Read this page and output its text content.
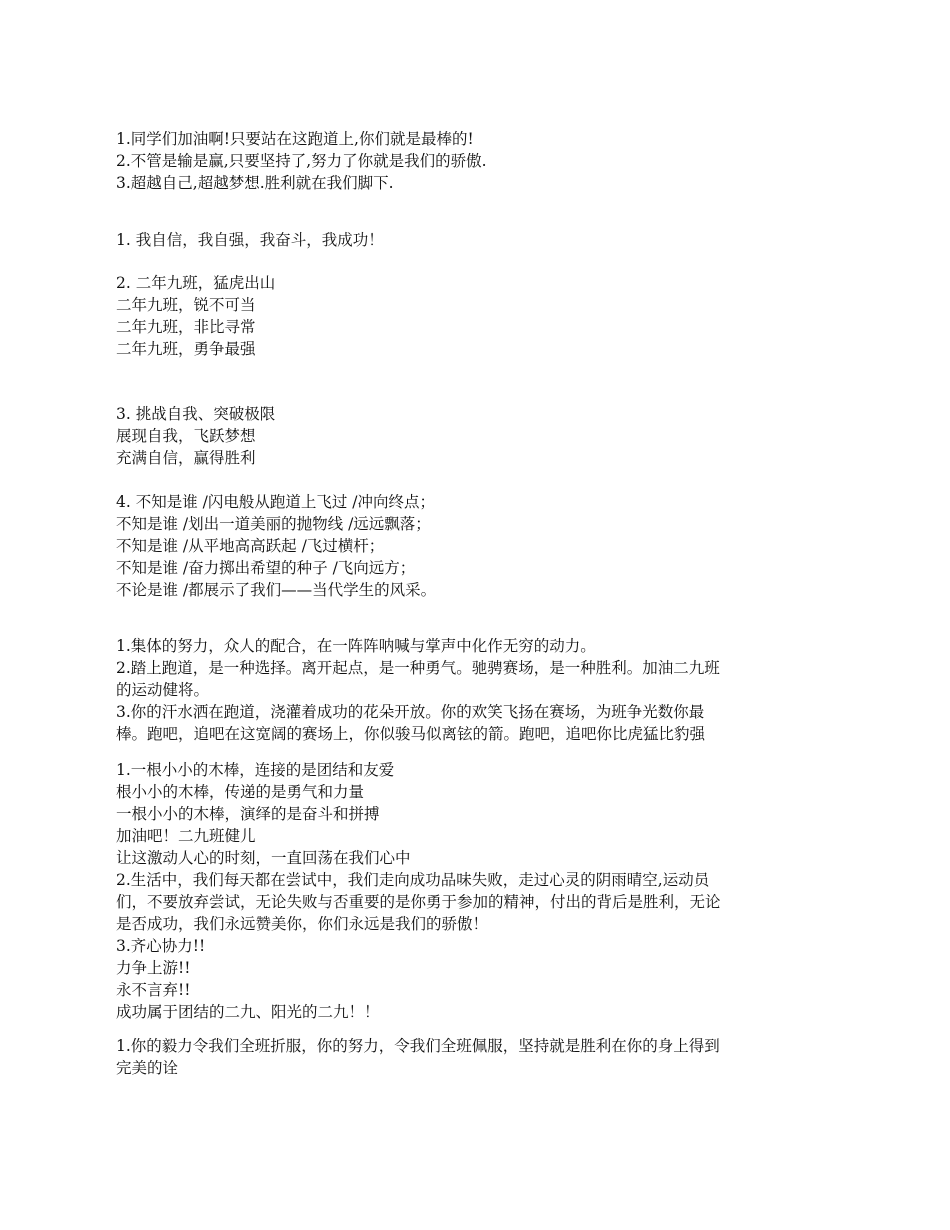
1.同学们加油啊!只要站在这跑道上,你们就是最棒的!
2.不管是输是赢,只要坚持了,努力了你就是我们的骄傲.
3.超越自己,超越梦想.胜利就在我们脚下.
1. 我自信，我自强，我奋斗，我成功！
2. 二年九班，猛虎出山
二年九班，锐不可当
二年九班，非比寻常
二年九班，勇争最强
3. 挑战自我、突破极限
展现自我，飞跃梦想
充满自信，赢得胜利
4. 不知是谁 /闪电般从跑道上飞过 /冲向终点；
不知是谁 /划出一道美丽的抛物线 /远远飘落；
不知是谁 /从平地高高跃起 /飞过横杆；
不知是谁 /奋力掷出希望的种子 /飞向远方；
不论是谁 /都展示了我们——当代学生的风采。
1.集体的努力，众人的配合，在一阵阵呐喊与掌声中化作无穷的动力。
2.踏上跑道，是一种选择。离开起点，是一种勇气。驰骋赛场，是一种胜利。加油二九班
的运动健将。
3.你的汗水洒在跑道，浇灌着成功的花朵开放。你的欢笑飞扬在赛场，为班争光数你最
棒。跑吧，追吧在这宽阔的赛场上，你似骏马似离铉的箭。跑吧，追吧你比虎猛比豹强
1.一根小小的木棒，连接的是团结和友爱
根小小的木棒，传递的是勇气和力量
一根小小的木棒，演绎的是奋斗和拼搏
加油吧！二九班健儿
让这激动人心的时刻，一直回荡在我们心中
2.生活中，我们每天都在尝试中，我们走向成功品味失败，走过心灵的阴雨晴空,运动员
们，不要放弃尝试，无论失败与否重要的是你勇于参加的精神，付出的背后是胜利，无论
是否成功，我们永远赞美你，你们永远是我们的骄傲！
3.齐心协力!!
力争上游!!
永不言弃!!
成功属于团结的二九、阳光的二九！！
1.你的毅力令我们全班折服，你的努力，令我们全班佩服，坚持就是胜利在你的身上得到
完美的诠
